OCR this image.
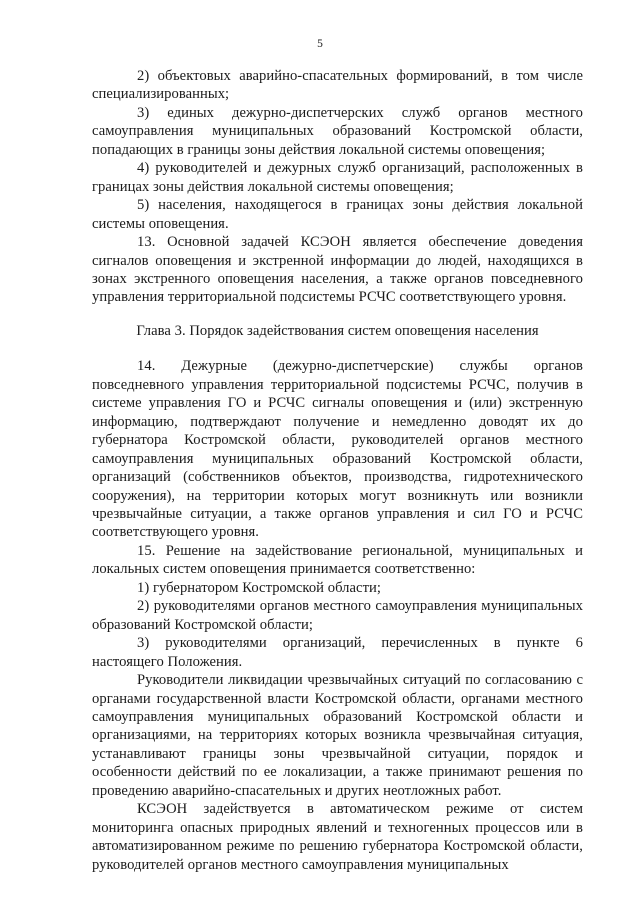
5

2) объектовых аварийно-спасательных формирований, в том числе специализированных;

3) единых дежурно-диспетчерских служб органов местного самоуправления муниципальных образований Костромской области, попадающих в границы зоны действия локальной системы оповещения;

4) руководителей и дежурных служб организаций, расположенных в границах зоны действия локальной системы оповещения;

5) населения, находящегося в границах зоны действия локальной системы оповещения.

13. Основной задачей КСЭОН является обеспечение доведения сигналов оповещения и экстренной информации до людей, находящихся в зонах экстренного оповещения населения, а также органов повседневного управления территориальной подсистемы РСЧС соответствующего уровня.

Глава 3. Порядок задействования систем оповещения населения

14. Дежурные (дежурно-диспетчерские) службы органов повседневного управления территориальной подсистемы РСЧС, получив в системе управления ГО и РСЧС сигналы оповещения и (или) экстренную информацию, подтверждают получение и немедленно доводят их до губернатора Костромской области, руководителей органов местного самоуправления муниципальных образований Костромской области, организаций (собственников объектов, производства, гидротехнического сооружения), на территории которых могут возникнуть или возникли чрезвычайные ситуации, а также органов управления и сил ГО и РСЧС соответствующего уровня.

15. Решение на задействование региональной, муниципальных и локальных систем оповещения принимается соответственно:

1) губернатором Костромской области;

2) руководителями органов местного самоуправления муниципальных образований Костромской области;

3) руководителями организаций, перечисленных в пункте 6 настоящего Положения.

Руководители ликвидации чрезвычайных ситуаций по согласованию с органами государственной власти Костромской области, органами местного самоуправления муниципальных образований Костромской области и организациями, на территориях которых возникла чрезвычайная ситуация, устанавливают границы зоны чрезвычайной ситуации, порядок и особенности действий по ее локализации, а также принимают решения по проведению аварийно-спасательных и других неотложных работ.

КСЭОН задействуется в автоматическом режиме от систем мониторинга опасных природных явлений и техногенных процессов или в автоматизированном режиме по решению губернатора Костромской области, руководителей органов местного самоуправления муниципальных
